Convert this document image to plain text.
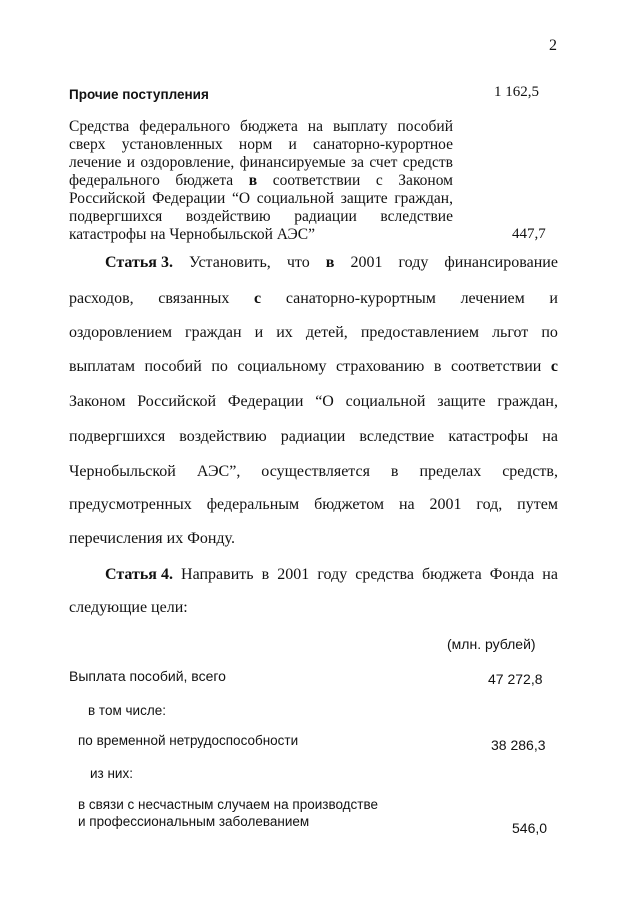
2
Прочие поступления	1 162,5
Средства федерального бюджета на выплату пособий
сверх установленных норм и санаторно-курортное
лечение и оздоровление, финансируемые за счет средств
федерального бюджета в соответствии с Законом
Российской Федерации “О социальной защите граждан,
подвергшихся воздействию радиации вследствие
катастрофы на Чернобыльской АЭС”	447,7
Статья 3. Установить, что в 2001 году финансирование
расходов, связанных с санаторно-курортным лечением и
оздоровлением граждан и их детей, предоставлением льгот по
выплатам пособий по социальному страхованию в соответствии с
Законом Российской Федерации “О социальной защите граждан,
подвергшихся воздействию радиации вследствие катастрофы на
Чернобыльской АЭС”, осуществляется в пределах средств,
предусмотренных федеральным бюджетом на 2001 год, путем
перечисления их Фонду.
Статья 4. Направить в 2001 году средства бюджета Фонда на
следующие цели:
(млн. рублей)
Выплата пособий, всего	47 272,8
в том числе:
по временной нетрудоспособности	38 286,3
из них:
в связи с несчастным случаем на производстве
и профессиональным заболеванием	546,0
